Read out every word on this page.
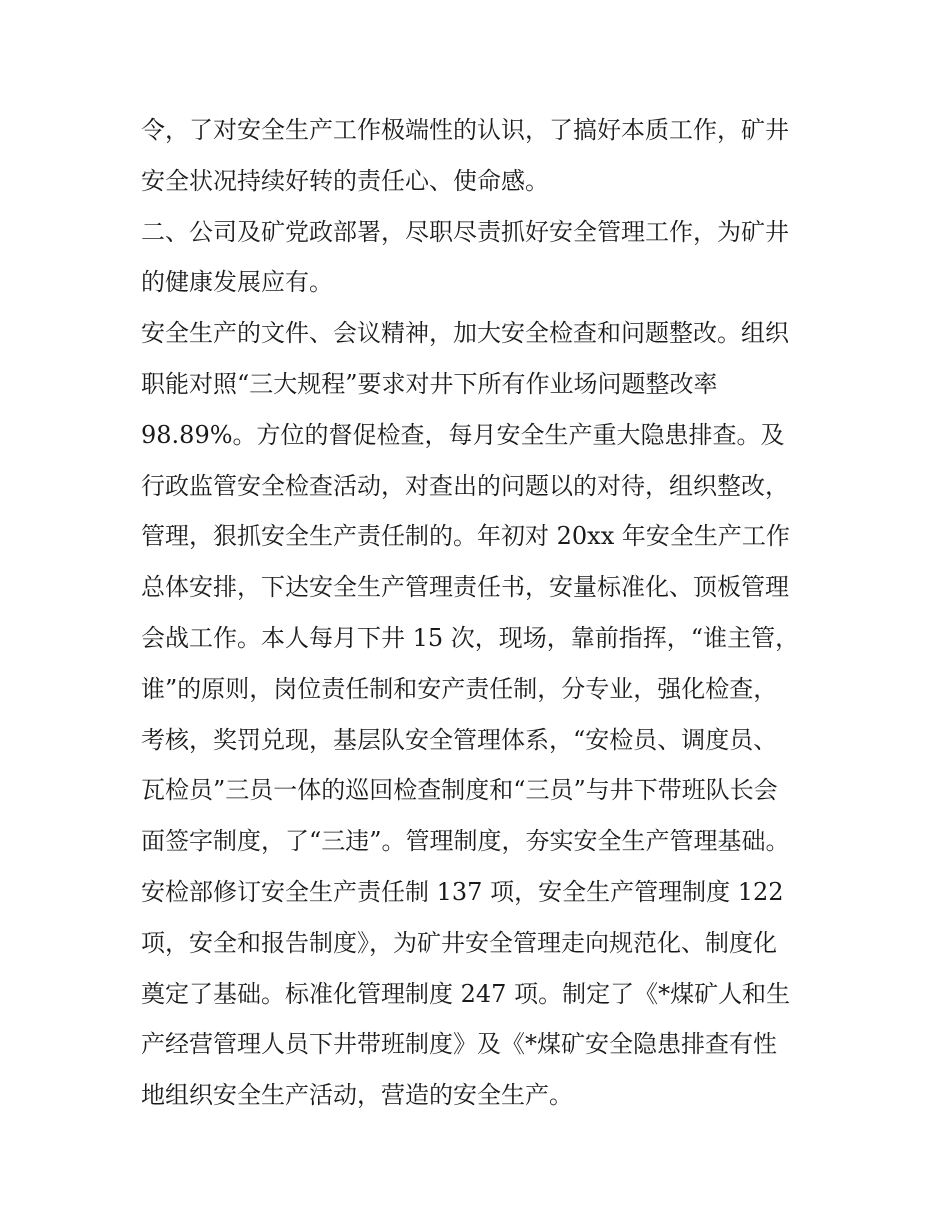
令，了对安全生产工作极端性的认识，了搞好本质工作，矿井
安全状况持续好转的责任心、使命感。
二、公司及矿党政部署，尽职尽责抓好安全管理工作，为矿井
的健康发展应有。
安全生产的文件、会议精神，加大安全检查和问题整改。组织
职能对照“三大规程”要求对井下所有作业场问题整改率
98.89%。方位的督促检查，每月安全生产重大隐患排查。及
行政监管安全检查活动，对查出的问题以的对待，组织整改，
管理，狠抓安全生产责任制的。年初对 20xx 年安全生产工作
总体安排，下达安全生产管理责任书，安量标准化、顶板管理
会战工作。本人每月下井 15 次，现场，靠前指挥，“谁主管，
谁”的原则，岗位责任制和安产责任制，分专业，强化检查，
考核，奖罚兑现，基层队安全管理体系，“安检员、调度员、
瓦检员”三员一体的巡回检查制度和“三员”与井下带班队长会
面签字制度，了“三违”。管理制度，夯实安全生产管理基础。
安检部修订安全生产责任制 137 项，安全生产管理制度 122
项，安全和报告制度》，为矿井安全管理走向规范化、制度化
奠定了基础。标准化管理制度 247 项。制定了《*煤矿人和生
产经营管理人员下井带班制度》及《*煤矿安全隐患排查有性
地组织安全生产活动，营造的安全生产。
